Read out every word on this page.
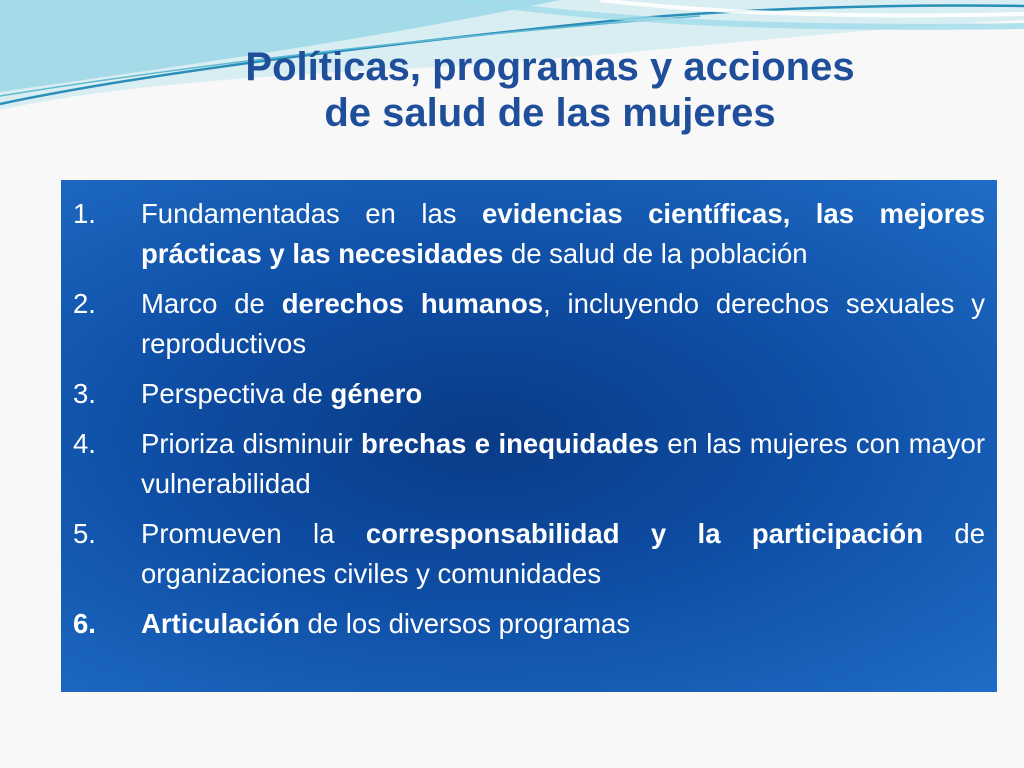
Políticas, programas y acciones
de salud de las mujeres
1.	Fundamentadas en las evidencias científicas, las mejores prácticas y las necesidades de salud de la población
2.	Marco de derechos humanos, incluyendo derechos sexuales y reproductivos
3.	Perspectiva de género
4.	Prioriza disminuir brechas e inequidades en las mujeres con mayor vulnerabilidad
5.	Promueven la corresponsabilidad y la participación de organizaciones civiles y comunidades
6.	Articulación de los diversos programas
